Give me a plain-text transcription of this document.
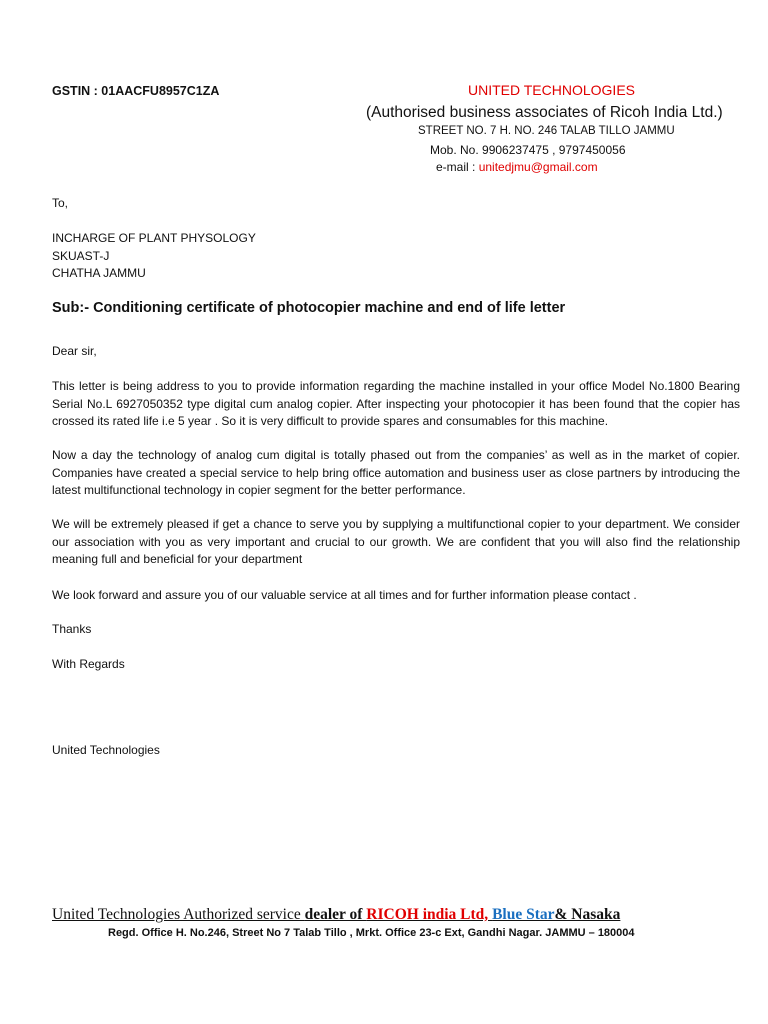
GSTIN : 01AACFU8957C1ZA	UNITED TECHNOLOGIES
(Authorised business associates of Ricoh India Ltd.)
STREET NO. 7 H. NO. 246 TALAB TILLO JAMMU
Mob. No. 9906237475 , 9797450056
e-mail : unitedjmu@gmail.com
To,
INCHARGE OF PLANT PHYSOLOGY
SKUAST-J
CHATHA JAMMU
Sub:- Conditioning certificate of photocopier machine and end of life letter
Dear sir,
This letter is being address to you to provide information regarding the machine installed in your office Model No.1800 Bearing Serial No.L 6927050352 type digital cum analog copier. After inspecting your photocopier it has been found that the copier has crossed its rated life i.e 5 year . So it is very difficult to provide spares and consumables for this machine.
Now a day the technology of analog cum digital is totally phased out from the companies’ as well as in the market of copier. Companies have created a special service to help bring office automation and business user as close partners by introducing the latest multifunctional technology in copier segment for the better performance.
We will be extremely pleased if get a chance to serve you by supplying a multifunctional copier to your department. We consider our association with you as very important and crucial to our growth. We are confident that you will also find the relationship meaning full and beneficial for your department
We look forward and assure you of our valuable service at all times and for further information please contact .
Thanks
With Regards
United Technologies
United Technologies Authorized service dealer of RICOH india Ltd, Blue Star& Nasaka
Regd. Office H. No.246, Street No 7 Talab Tillo , Mrkt. Office 23-c Ext, Gandhi Nagar. JAMMU – 180004
